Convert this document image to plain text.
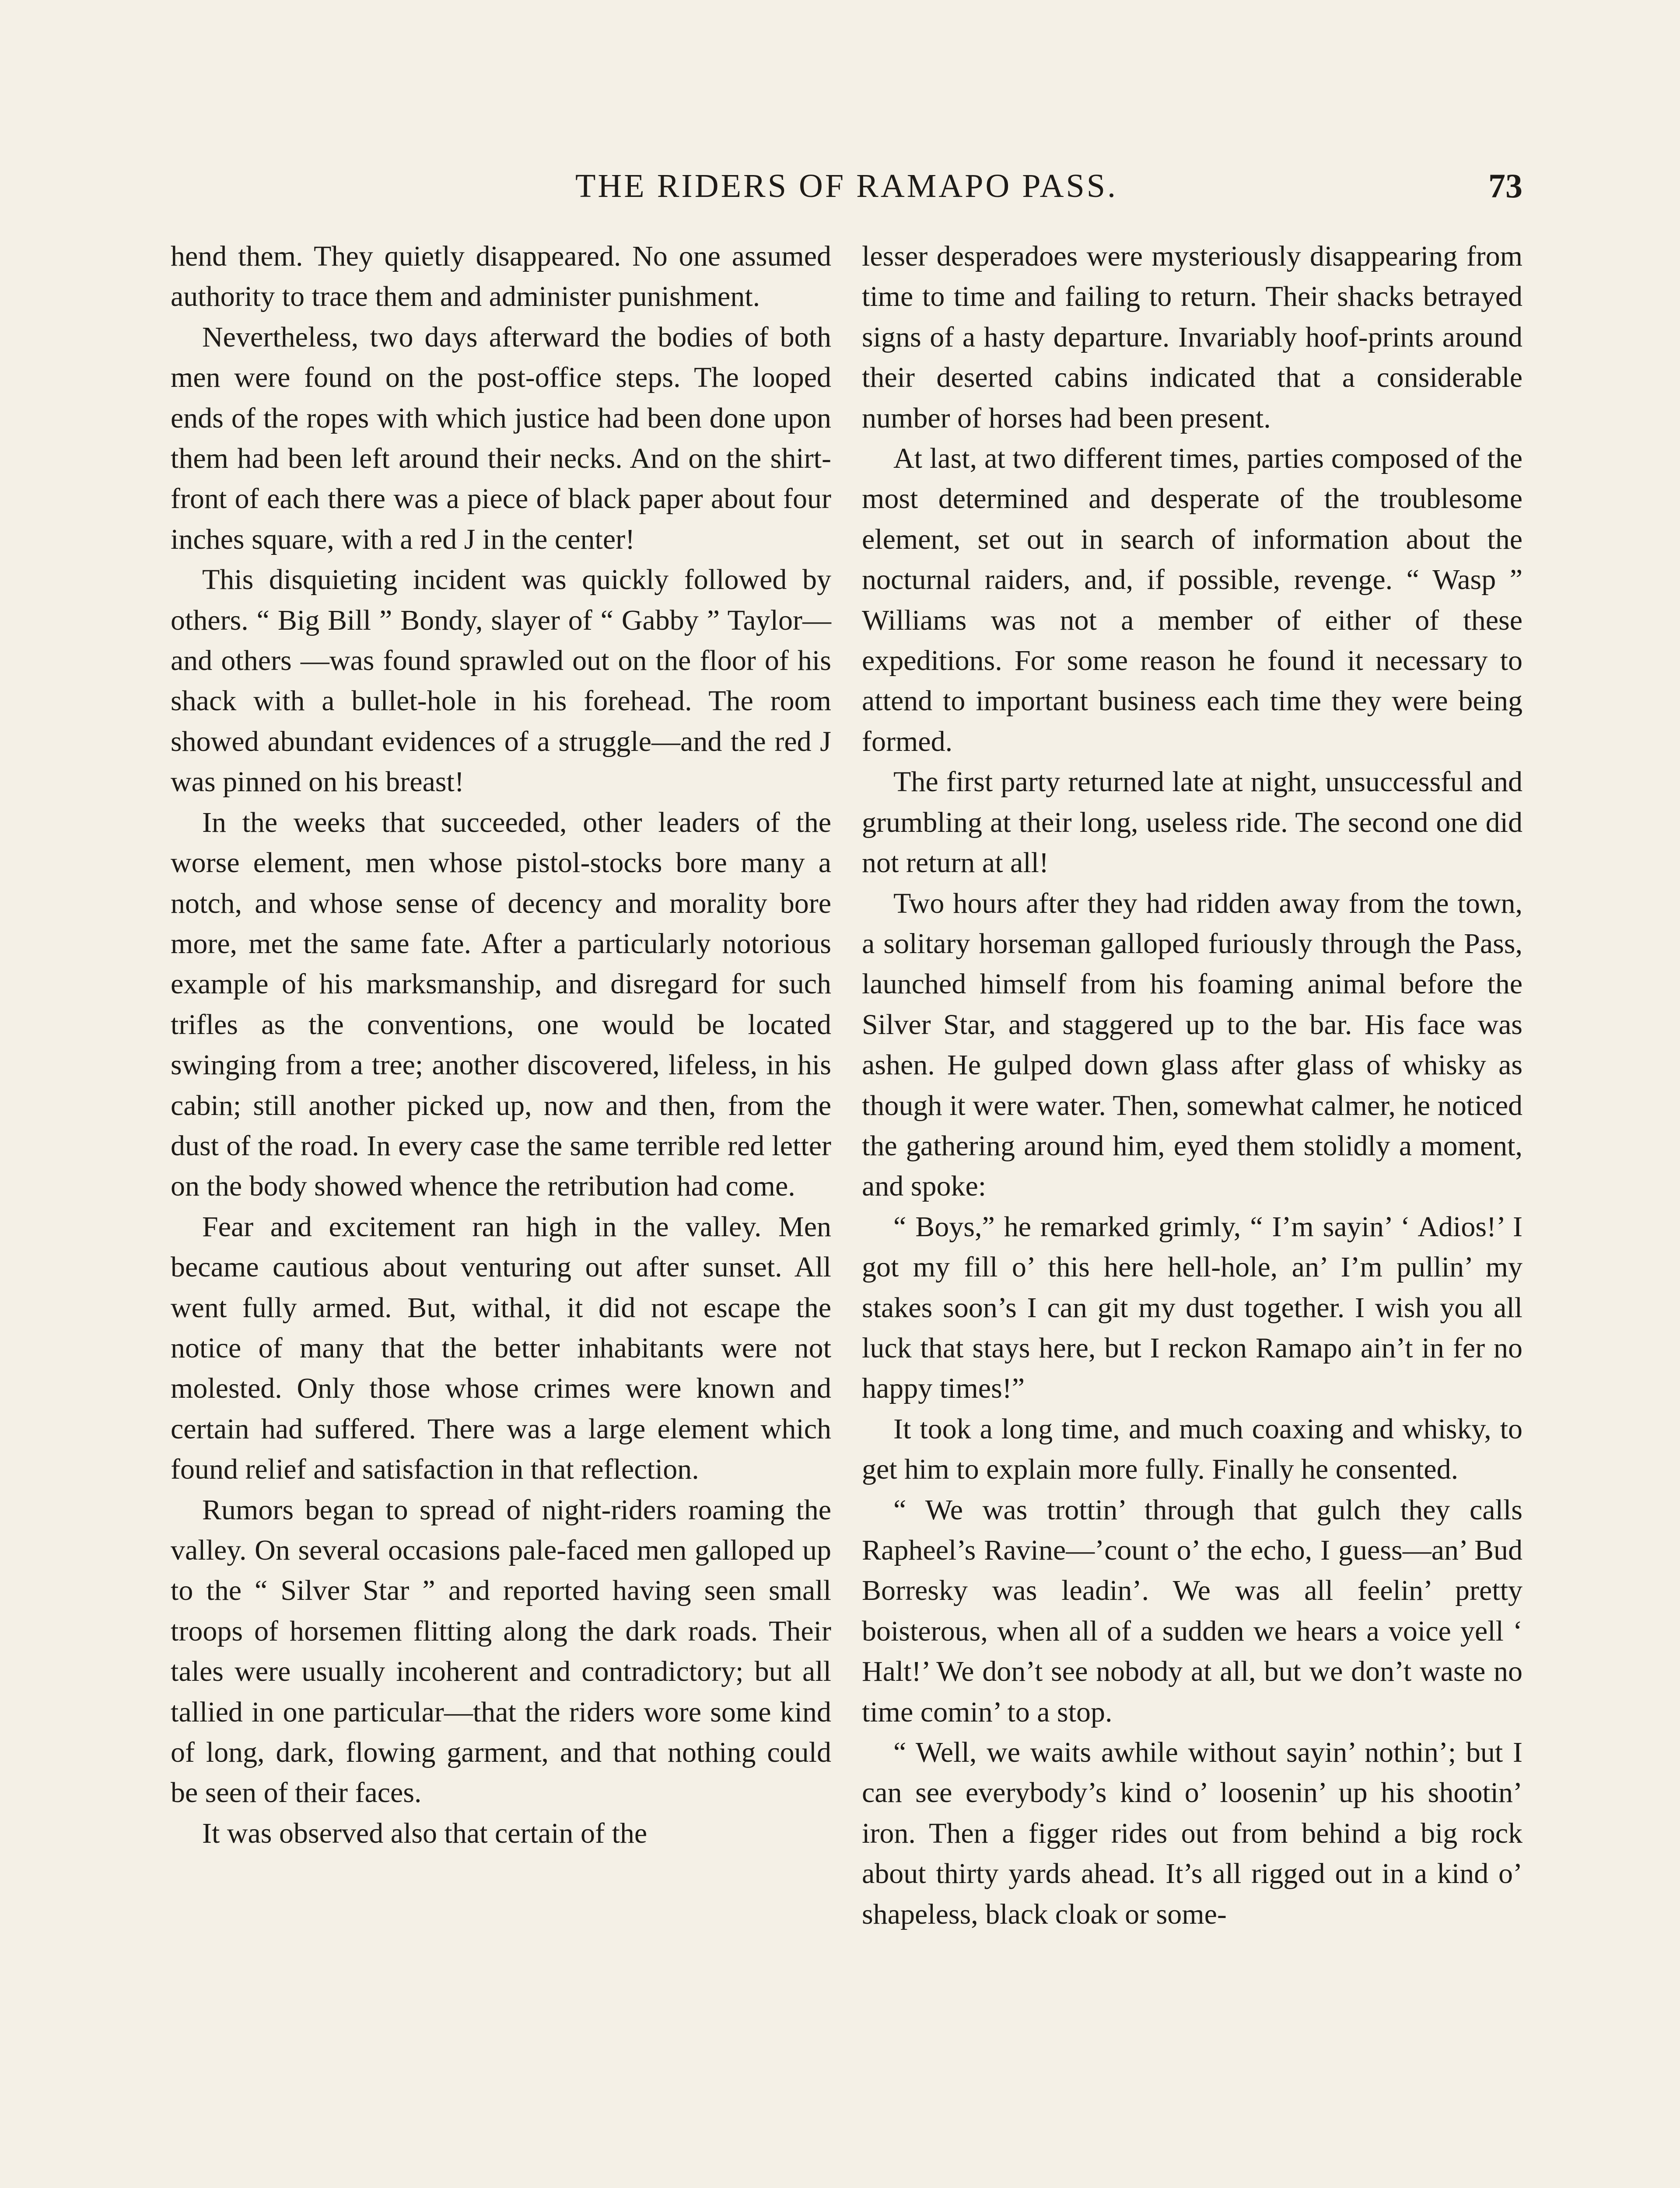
THE RIDERS OF RAMAPO PASS.	73

hend them. They quietly disappeared. No one assumed authority to trace them and administer punishment.

Nevertheless, two days afterward the bodies of both men were found on the post-office steps. The looped ends of the ropes with which justice had been done upon them had been left around their necks. And on the shirt-front of each there was a piece of black paper about four inches square, with a red J in the center!

This disquieting incident was quickly followed by others. “ Big Bill ” Bondy, slayer of “ Gabby ” Taylor—and others —was found sprawled out on the floor of his shack with a bullet-hole in his forehead. The room showed abundant evidences of a struggle—and the red J was pinned on his breast!

In the weeks that succeeded, other leaders of the worse element, men whose pistol-stocks bore many a notch, and whose sense of decency and morality bore more, met the same fate. After a particularly notorious example of his marksmanship, and disregard for such trifles as the conventions, one would be located swinging from a tree; another discovered, lifeless, in his cabin; still another picked up, now and then, from the dust of the road. In every case the same terrible red letter on the body showed whence the retribution had come.

Fear and excitement ran high in the valley. Men became cautious about venturing out after sunset. All went fully armed. But, withal, it did not escape the notice of many that the better inhabitants were not molested. Only those whose crimes were known and certain had suffered. There was a large element which found relief and satisfaction in that reflection.

Rumors began to spread of night-riders roaming the valley. On several occasions pale-faced men galloped up to the “ Silver Star ” and reported having seen small troops of horsemen flitting along the dark roads. Their tales were usually incoherent and contradictory; but all tallied in one particular—that the riders wore some kind of long, dark, flowing garment, and that nothing could be seen of their faces.

It was observed also that certain of the

lesser desperadoes were mysteriously disappearing from time to time and failing to return. Their shacks betrayed signs of a hasty departure. Invariably hoof-prints around their deserted cabins indicated that a considerable number of horses had been present.

At last, at two different times, parties composed of the most determined and desperate of the troublesome element, set out in search of information about the nocturnal raiders, and, if possible, revenge. “ Wasp ” Williams was not a member of either of these expeditions. For some reason he found it necessary to attend to important business each time they were being formed.

The first party returned late at night, unsuccessful and grumbling at their long, useless ride. The second one did not return at all!

Two hours after they had ridden away from the town, a solitary horseman galloped furiously through the Pass, launched himself from his foaming animal before the Silver Star, and staggered up to the bar. His face was ashen. He gulped down glass after glass of whisky as though it were water. Then, somewhat calmer, he noticed the gathering around him, eyed them stolidly a moment, and spoke:

“ Boys,” he remarked grimly, “ I’m sayin’ ‘ Adios!’ I got my fill o’ this here hell-hole, an’ I’m pullin’ my stakes soon’s I can git my dust together. I wish you all luck that stays here, but I reckon Ramapo ain’t in fer no happy times!”

It took a long time, and much coaxing and whisky, to get him to explain more fully. Finally he consented.

“ We was trottin’ through that gulch they calls Rapheel’s Ravine—’count o’ the echo, I guess—an’ Bud Borresky was leadin’. We was all feelin’ pretty boisterous, when all of a sudden we hears a voice yell ‘ Halt!’ We don’t see nobody at all, but we don’t waste no time comin’ to a stop.

“ Well, we waits awhile without sayin’ nothin’; but I can see everybody’s kind o’ loosenin’ up his shootin’ iron. Then a figger rides out from behind a big rock about thirty yards ahead. It’s all rigged out in a kind o’ shapeless, black cloak or some-
